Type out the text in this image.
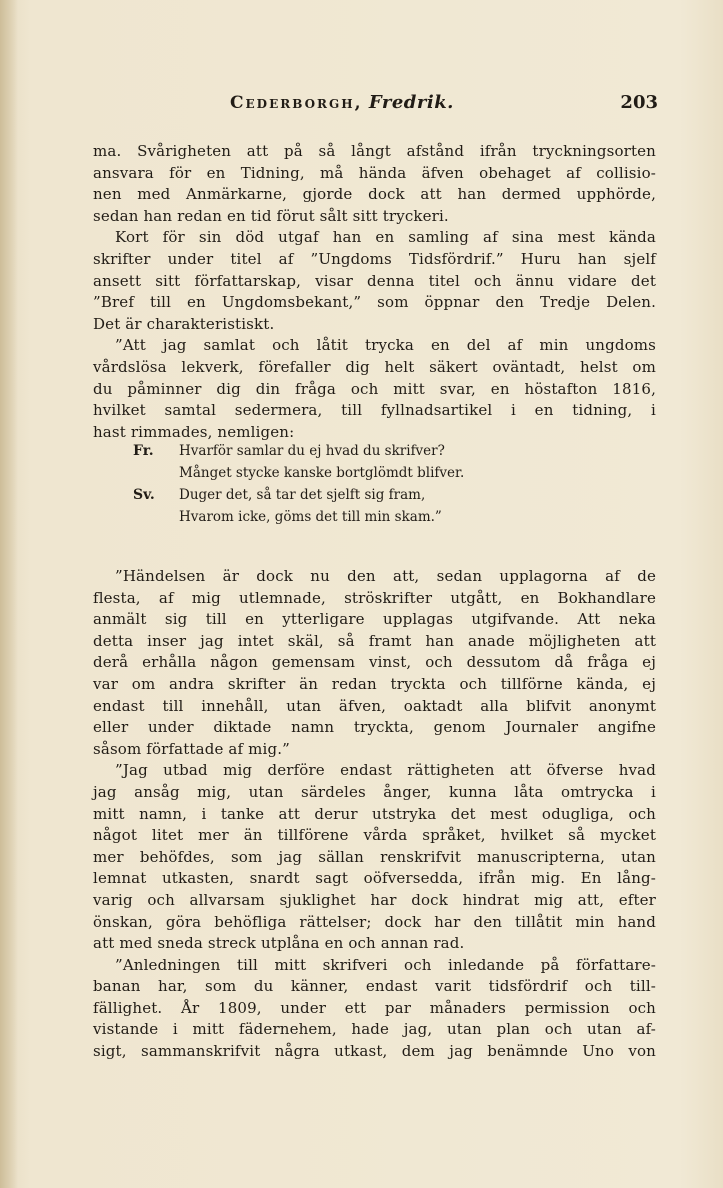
Cederborgh, Fredrik.	203
ma. Svårigheten att på så långt afstånd ifrån tryckningsorten
ansvara för en Tidning, må hända äfven obehaget af collisio-
nen med Anmärkarne, gjorde dock att han dermed upphörde,
sedan han redan en tid förut sålt sitt tryckeri.
Kort för sin död utgaf han en samling af sina mest kända
skrifter under titel af ”Ungdoms Tidsfördrif.” Huru han sjelf
ansett sitt författarskap, visar denna titel och ännu vidare det
”Bref till en Ungdomsbekant,” som öppnar den Tredje Delen.
Det är charakteristiskt.
”Att jag samlat och låtit trycka en del af min ungdoms
vårdslösa lekverk, förefaller dig helt säkert oväntadt, helst om
du påminner dig din fråga och mitt svar, en höstafton 1816,
hvilket samtal sedermera, till fyllnadsartikel i en tidning, i
hast rimmades, nemligen:
Fr.	Hvarför samlar du ej hvad du skrifver?
Månget stycke kanske bortglömdt blifver.
Sv.	Duger det, så tar det sjelft sig fram,
Hvarom icke, göms det till min skam.”
”Händelsen är dock nu den att, sedan upplagorna af de
flesta, af mig utlemnade, ströskrifter utgått, en Bokhandlare
anmält sig till en ytterligare upplagas utgifvande. Att neka
detta inser jag intet skäl, så framt han anade möjligheten att
derå erhålla någon gemensam vinst, och dessutom då fråga ej
var om andra skrifter än redan tryckta och tillförne kända, ej
endast till innehåll, utan äfven, oaktadt alla blifvit anonymt
eller under diktade namn tryckta, genom Journaler angifne
såsom författade af mig.”
”Jag utbad mig derföre endast rättigheten att öfverse hvad
jag ansåg mig, utan särdeles ånger, kunna låta omtrycka i
mitt namn, i tanke att derur utstryka det mest odugliga, och
något litet mer än tillförene vårda språket, hvilket så mycket
mer behöfdes, som jag sällan renskrifvit manuscripterna, utan
lemnat utkasten, snardt sagt oöfversedda, ifrån mig. En lång-
varig och allvarsam sjuklighet har dock hindrat mig att, efter
önskan, göra behöfliga rättelser; dock har den tillåtit min hand
att med sneda streck utplåna en och annan rad.
”Anledningen till mitt skrifveri och inledande på författare-
banan har, som du känner, endast varit tidsfördrif och till-
fällighet. År 1809, under ett par månaders permission och
vistande i mitt fädernehem, hade jag, utan plan och utan af-
sigt, sammanskrifvit några utkast, dem jag benämnde Uno von
